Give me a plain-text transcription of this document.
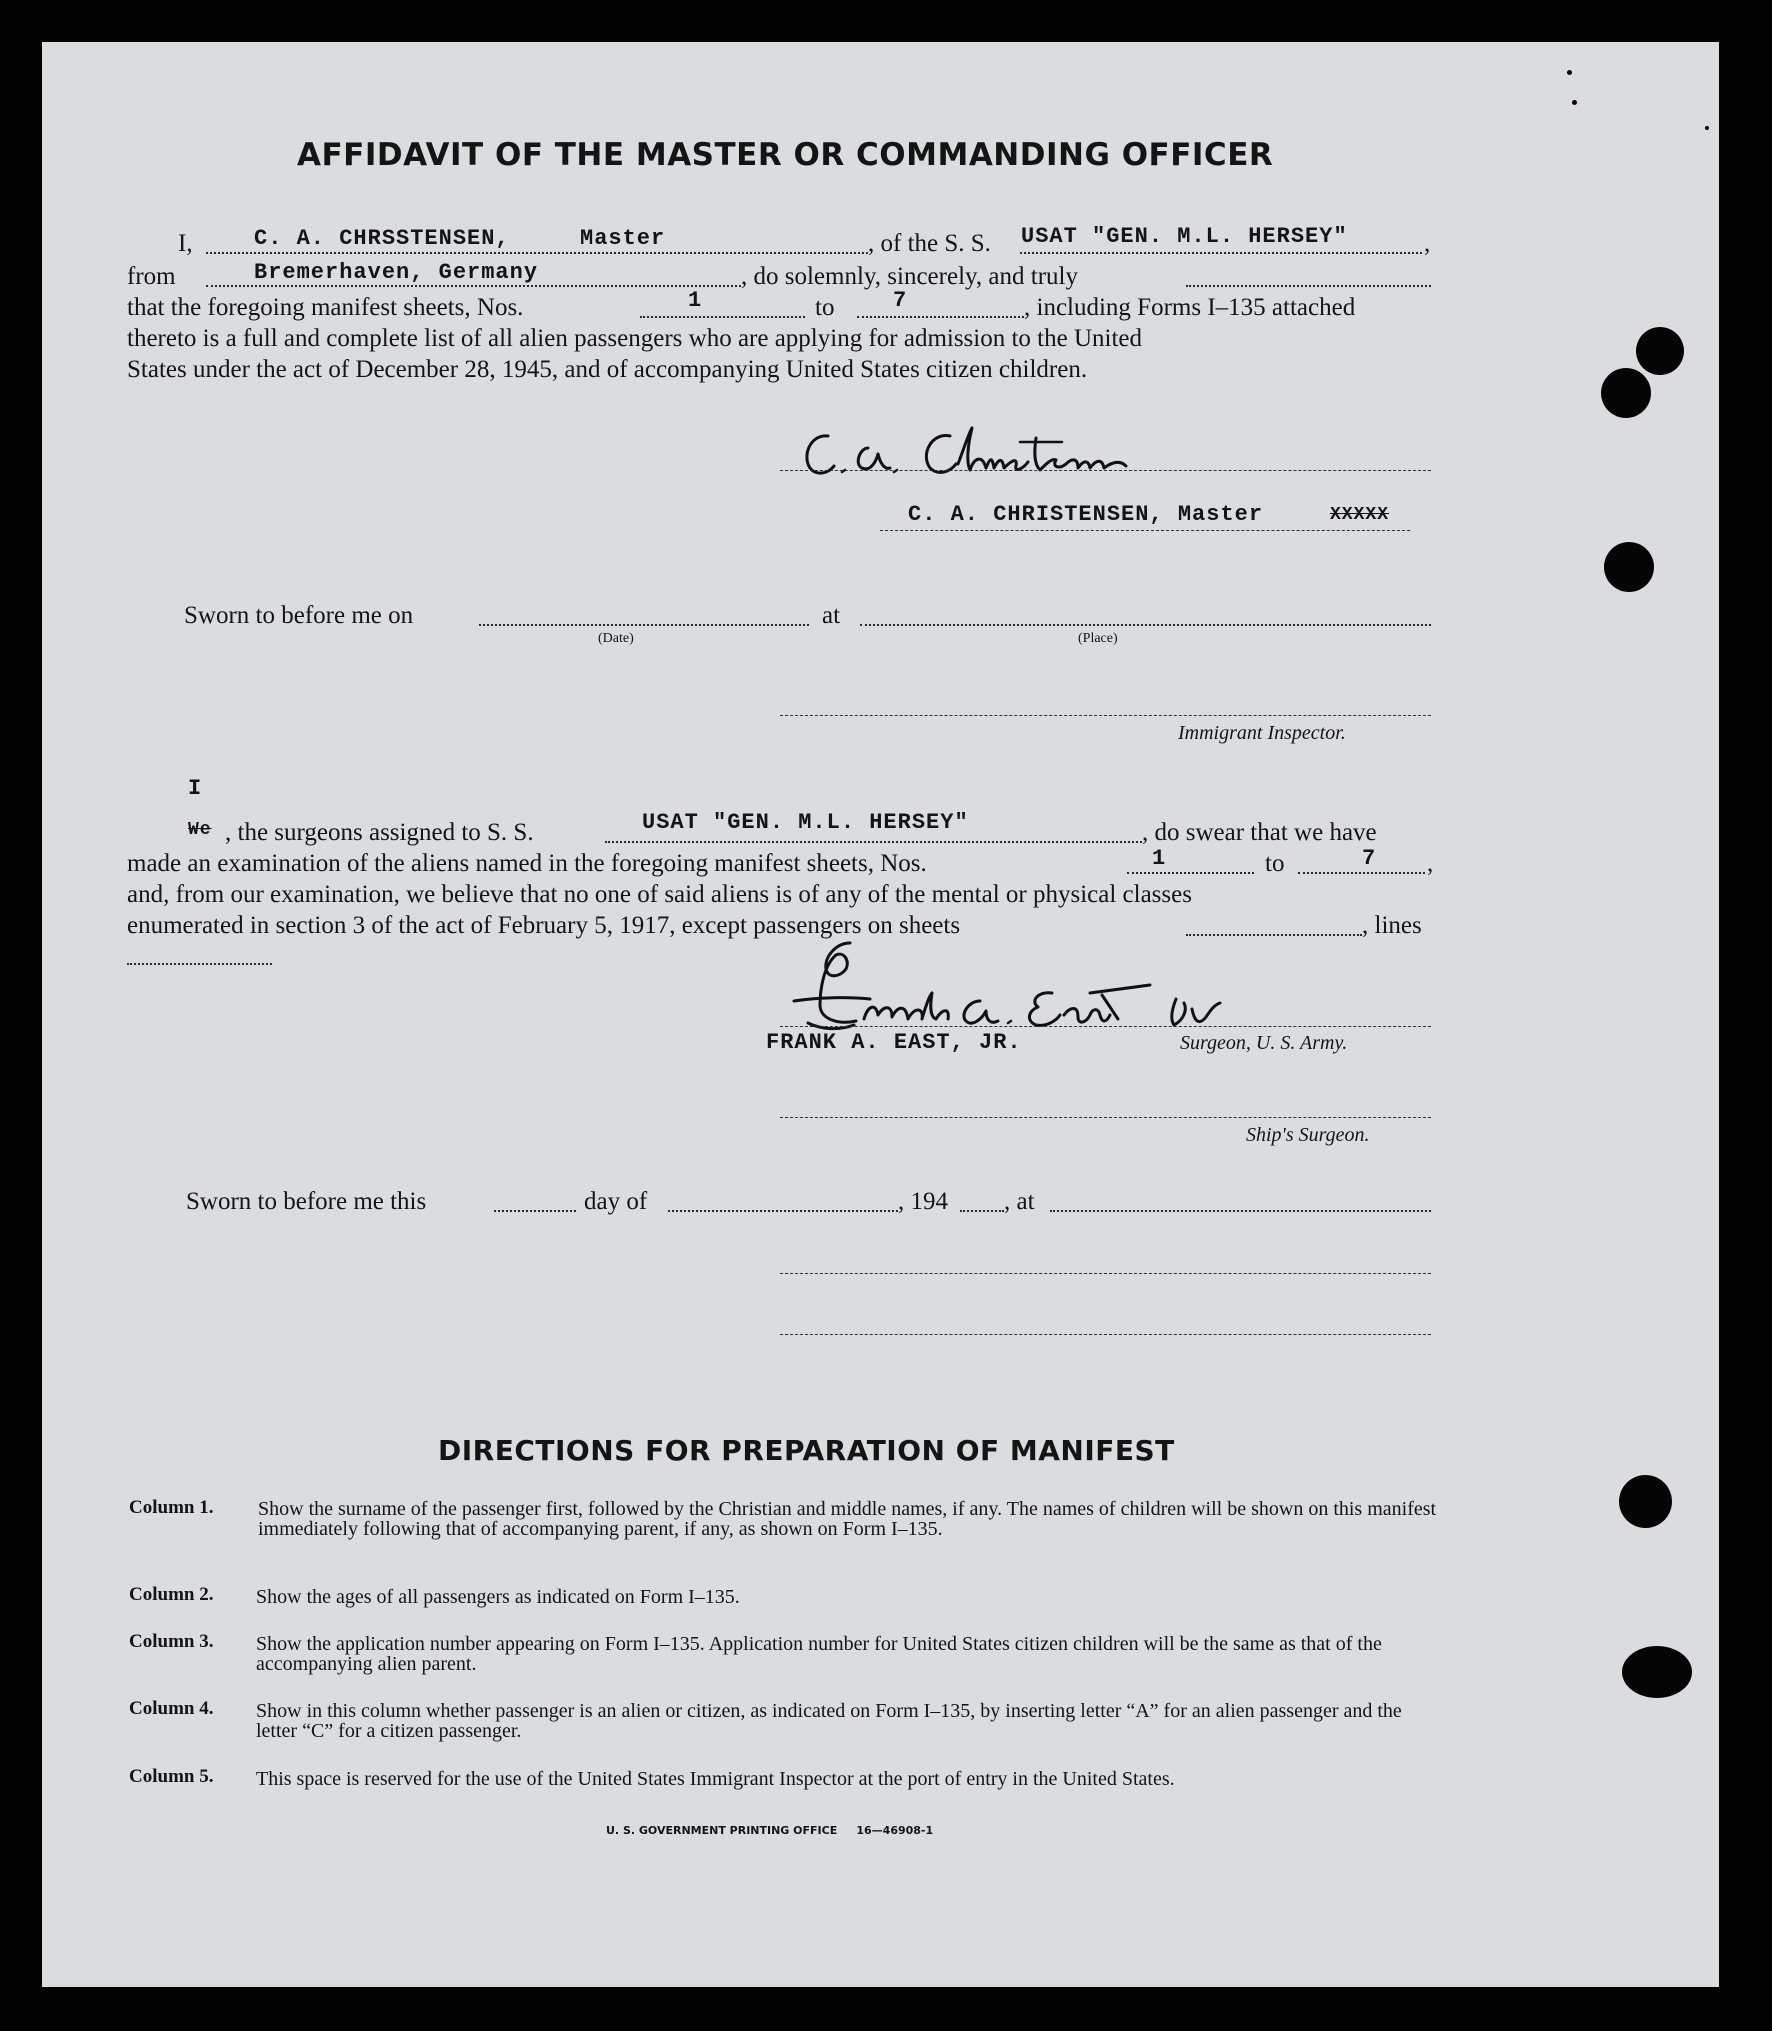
AFFIDAVIT OF THE MASTER OR COMMANDING OFFICER
I,	C. A. CHRSSTENSEN,	Master	, of the S. S. USAT "GEN. M.L. HERSEY"	,
from	Bremerhaven, Germany	, do solemnly, sincerely, and truly
that the foregoing manifest sheets, Nos.	1	to	7	, including Forms I–135 attached
thereto is a full and complete list of all alien passengers who are applying for admission to the United
States under the act of December 28, 1945, and of accompanying United States citizen children.
C. A. CHRISTENSEN, Master	XXXXX
Sworn to before me on
(Date)
at
(Place)
Immigrant Inspector.
I
We , the surgeons assigned to S. S.	USAT "GEN. M.L. HERSEY"	, do swear that we have
made an examination of the aliens named in the foregoing manifest sheets, Nos.	1	to	7 ,
and, from our examination, we believe that no one of said aliens is of any of the mental or physical classes
enumerated in section 3 of the act of February 5, 1917, except passengers on sheets	, lines
FRANK A. EAST, JR.	Surgeon, U. S. Army.
Ship's Surgeon.
Sworn to before me this	day of	, 194 , at
DIRECTIONS FOR PREPARATION OF MANIFEST
Column 1. Show the surname of the passenger first, followed by the Christian and middle names, if any. The names of children will be shown on this manifest immediately following that of accompanying parent, if any, as shown on Form I–135.
Column 2. Show the ages of all passengers as indicated on Form I–135.
Column 3. Show the application number appearing on Form I–135. Application number for United States citizen children will be the same as that of the accompanying alien parent.
Column 4. Show in this column whether passenger is an alien or citizen, as indicated on Form I–135, by inserting letter “A” for an alien passenger and the letter “C” for a citizen passenger.
Column 5. This space is reserved for the use of the United States Immigrant Inspector at the port of entry in the United States.
U. S. GOVERNMENT PRINTING OFFICE     16—46908-1
